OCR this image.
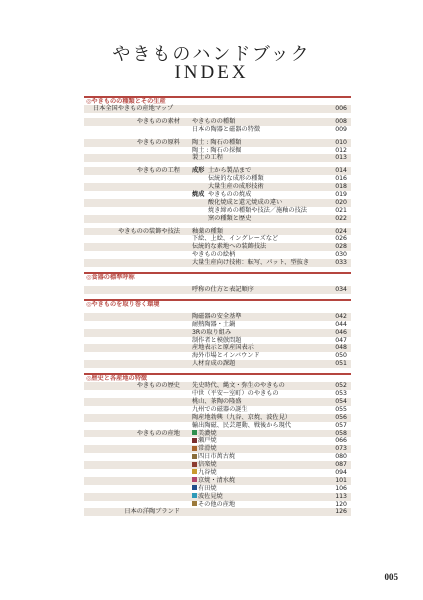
やきものハンドブック
INDEX
◎やきものの種類とその生産
日本全国やきもの産地マップ	006
やきものの素材 やきものの種類	008
日本の陶器と磁器の特徴	009
やきものの原料 陶土 : 陶石の種類	010
陶土 : 陶石の採掘	012
製土の工程	013
やきものの工程 成形 土から製品まで	014
伝統的な成形の種類	016
大量生産の成形技術	018
焼成 やきものの焼成	019
酸化焼成と還元焼成の違い	020
焼き締めの種類や技法／施釉の技法	021
窯の種類と歴史	022
やきものの装飾や技法 釉薬の種類	024
下絵、上絵、イングレーズなど	026
伝統的な素地への装飾技法	028
やきものの絵柄	030
大量生産向け技術：転写、パット、型抜き	033
◎食器の標準呼称
呼称の仕方と表記順序	034
◎やきものを取り巻く環境
陶磁器の安全基準	042
耐熱陶器・土鍋	044
3Rの取り組み	046
制作者と模倣問題	047
産地表示と原産国表示	048
海外市場とインバウンド	050
人材育成の課題	051
◎歴史と各産地の特徴
やきものの歴史 先史時代、縄文・弥生のやきもの	052
中世（平安〜室町）のやきもの	053
桃山、茶陶の隆盛	054
九州での磁器の誕生	055
陶産地勃興（九谷、京焼、波佐見）	056
輸出陶磁、民芸運動、戦後から現代	057
やきものの産地	美濃焼	058
瀬戸焼	066
常滑焼	073
四日市萬古焼	080
信楽焼	087
九谷焼	094
京焼・清水焼	101
有田焼	106
波佐見焼	113
その他の産地	120
日本の洋陶ブランド	126
005
